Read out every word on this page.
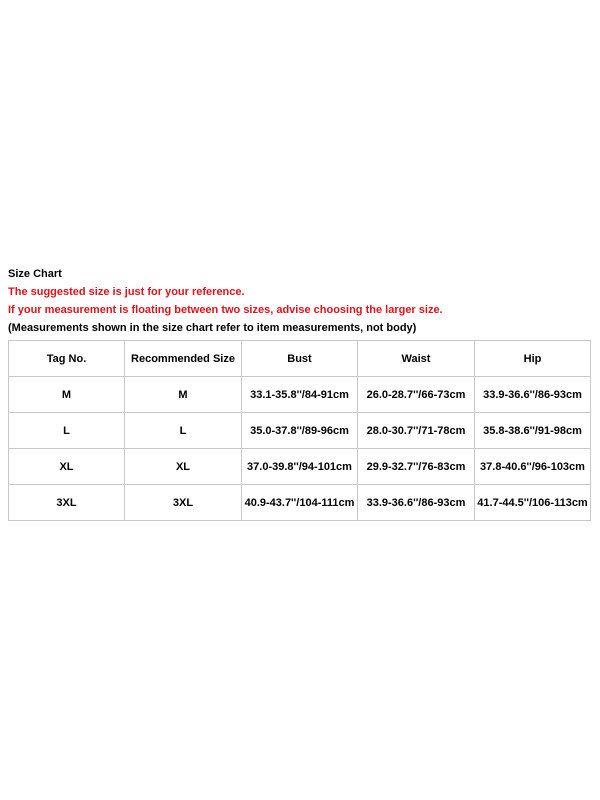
Size Chart
The suggested size is just for your reference.
If your measurement is floating between two sizes, advise choosing the larger size.
(Measurements shown in the size chart refer to item measurements, not body)
Tag No.	Recommended Size	Bust	Waist	Hip
M	M	33.1-35.8''/84-91cm	26.0-28.7''/66-73cm	33.9-36.6''/86-93cm
L	L	35.0-37.8''/89-96cm	28.0-30.7''/71-78cm	35.8-38.6''/91-98cm
XL	XL	37.0-39.8''/94-101cm	29.9-32.7''/76-83cm	37.8-40.6''/96-103cm
3XL	3XL	40.9-43.7''/104-111cm	33.9-36.6''/86-93cm	41.7-44.5''/106-113cm
